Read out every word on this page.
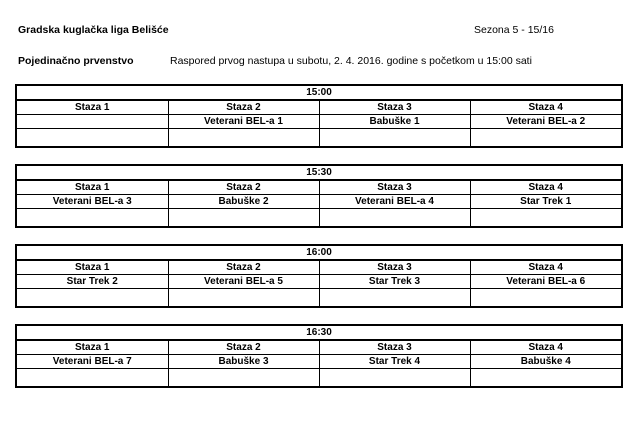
Gradska kuglačka liga Belišće	Sezona 5 - 15/16
Pojedinačno prvenstvo	Raspored prvog nastupa u subotu, 2. 4. 2016. godine s početkom u 15:00 sati
15:00			
Staza 1	Staza 2	Staza 3	Staza 4
	Veterani BEL-a 1	Babuške 1	Veterani BEL-a 2

15:30			
Staza 1	Staza 2	Staza 3	Staza 4
Veterani BEL-a 3	Babuške 2	Veterani BEL-a 4	Star Trek 1

16:00			
Staza 1	Staza 2	Staza 3	Staza 4
Star Trek 2	Veterani BEL-a 5	Star Trek 3	Veterani BEL-a 6

16:30			
Staza 1	Staza 2	Staza 3	Staza 4
Veterani BEL-a 7	Babuške 3	Star Trek 4	Babuške 4
